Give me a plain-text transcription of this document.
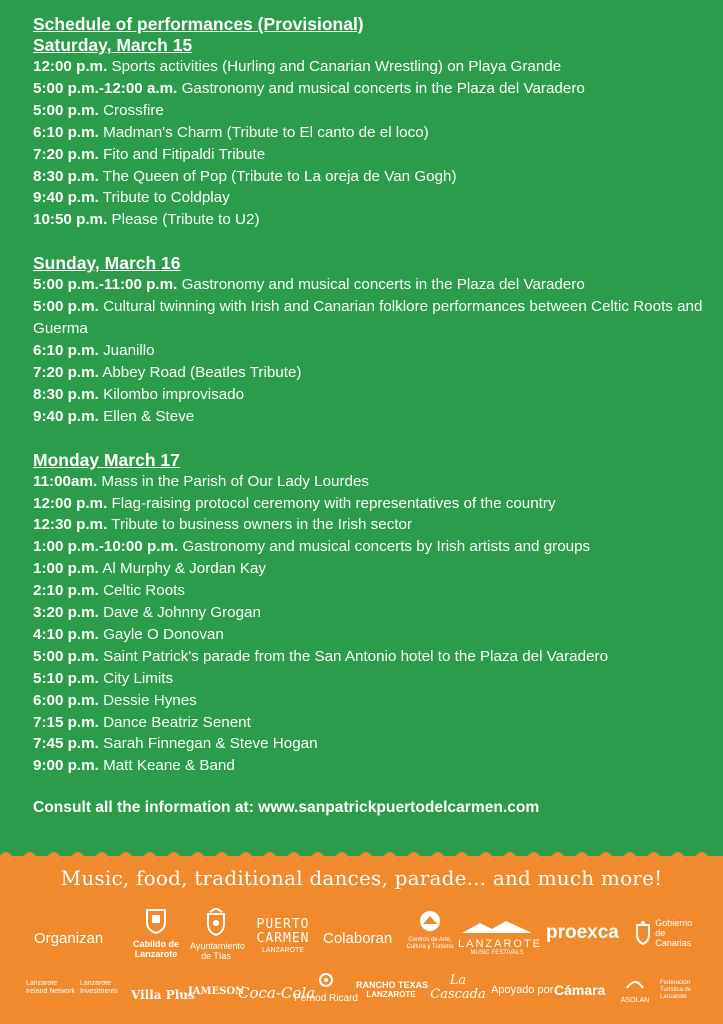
Schedule of performances (Provisional)

Saturday, March 15

12:00 p.m. Sports activities (Hurling and Canarian Wrestling) on Playa Grande

5:00 p.m.-12:00 a.m. Gastronomy and musical concerts in the Plaza del Varadero

5:00 p.m. Crossfire

6:10 p.m. Madman's Charm (Tribute to El canto de el loco)

7:20 p.m. Fito and Fitipaldi Tribute

8:30 p.m. The Queen of Pop (Tribute to La oreja de Van Gogh)

9:40 p.m. Tribute to Coldplay

10:50 p.m. Please (Tribute to U2)

Sunday, March 16

5:00 p.m.-11:00 p.m. Gastronomy and musical concerts in the Plaza del Varadero

5:00 p.m. Cultural twinning with Irish and Canarian folklore performances between Celtic Roots and Guerma

6:10 p.m. Juanillo

7:20 p.m. Abbey Road (Beatles Tribute)

8:30 p.m. Kilombo improvisado

9:40 p.m. Ellen & Steve

Monday March 17

11:00am. Mass in the Parish of Our Lady Lourdes

12:00 p.m. Flag-raising protocol ceremony with representatives of the country

12:30 p.m. Tribute to business owners in the Irish sector

1:00 p.m.-10:00 p.m. Gastronomy and musical concerts by Irish artists and groups

1:00 p.m. Al Murphy & Jordan Kay

2:10 p.m. Celtic Roots

3:20 p.m. Dave & Johnny Grogan

4:10 p.m. Gayle O Donovan

5:00 p.m. Saint Patrick's parade from the San Antonio hotel to the Plaza del Varadero

5:10 p.m. City Limits

6:00 p.m. Dessie Hynes

7:15 p.m. Dance Beatriz Senent

7:45 p.m. Sarah Finnegan & Steve Hogan

9:00 p.m. Matt Keane & Band

Consult all the information at: www.sanpatrickpuertodelcarmen.com

Music, food, traditional dances, parade... and much more!
Organizan	Cabildo de Lanzarote
Ayuntamiento de Tías
PUERTO CARMEN
LANZAROTE
Colaboran	Centros de Arte, Cultura y Turismo LANZAROTE
MUSIC FESTIVALS
proexca	Gobierno de Canarias
Lanzarote Ireland Network
Lanzarote Investments	Villa Plus
JAMESON
Coca-Cola
Pernod Ricard
RANCHO TEXAS
LANZAROTE
La Cascada Apoyado por Cámara
ASOLAN
Federación Turística de Lanzarote
